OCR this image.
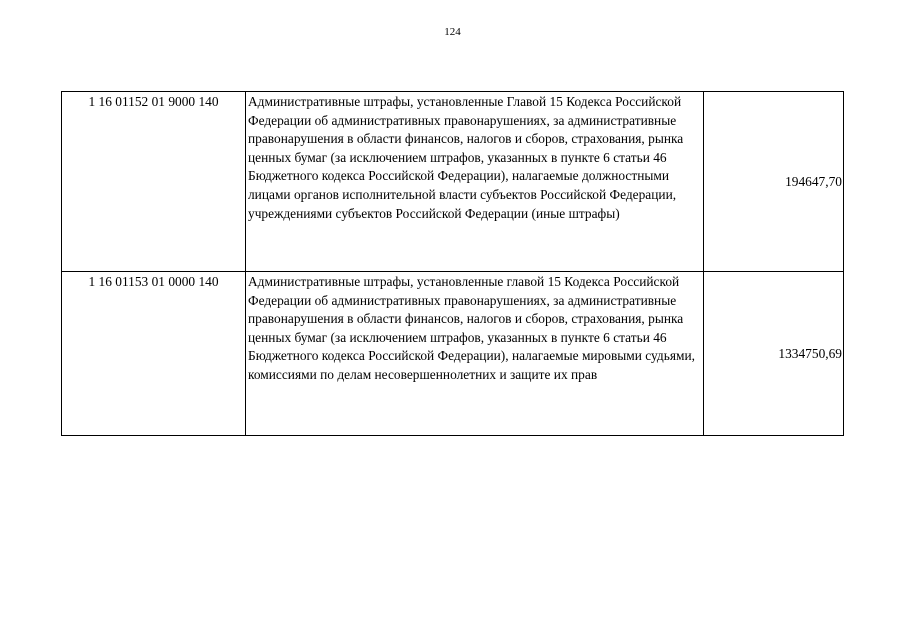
124
1 16 01152 01 9000 140	Административные штрафы, установленные Главой 15 Кодекса Российской Федерации об административных правонарушениях, за административные правонарушения в области финансов, налогов и сборов, страхования, рынка ценных бумаг (за исключением штрафов, указанных в пункте 6 статьи 46 Бюджетного кодекса Российской Федерации), налагаемые должностными лицами органов исполнительной власти субъектов Российской Федерации, учреждениями субъектов Российской Федерации (иные штрафы)	194647,70
1 16 01153 01 0000 140	Административные штрафы, установленные главой 15 Кодекса Российской Федерации об административных правонарушениях, за административные правонарушения в области финансов, налогов и сборов, страхования, рынка ценных бумаг (за исключением штрафов, указанных в пункте 6 статьи 46 Бюджетного кодекса Российской Федерации), налагаемые мировыми судьями, комиссиями по делам несовершеннолетних и защите их прав	1334750,69
